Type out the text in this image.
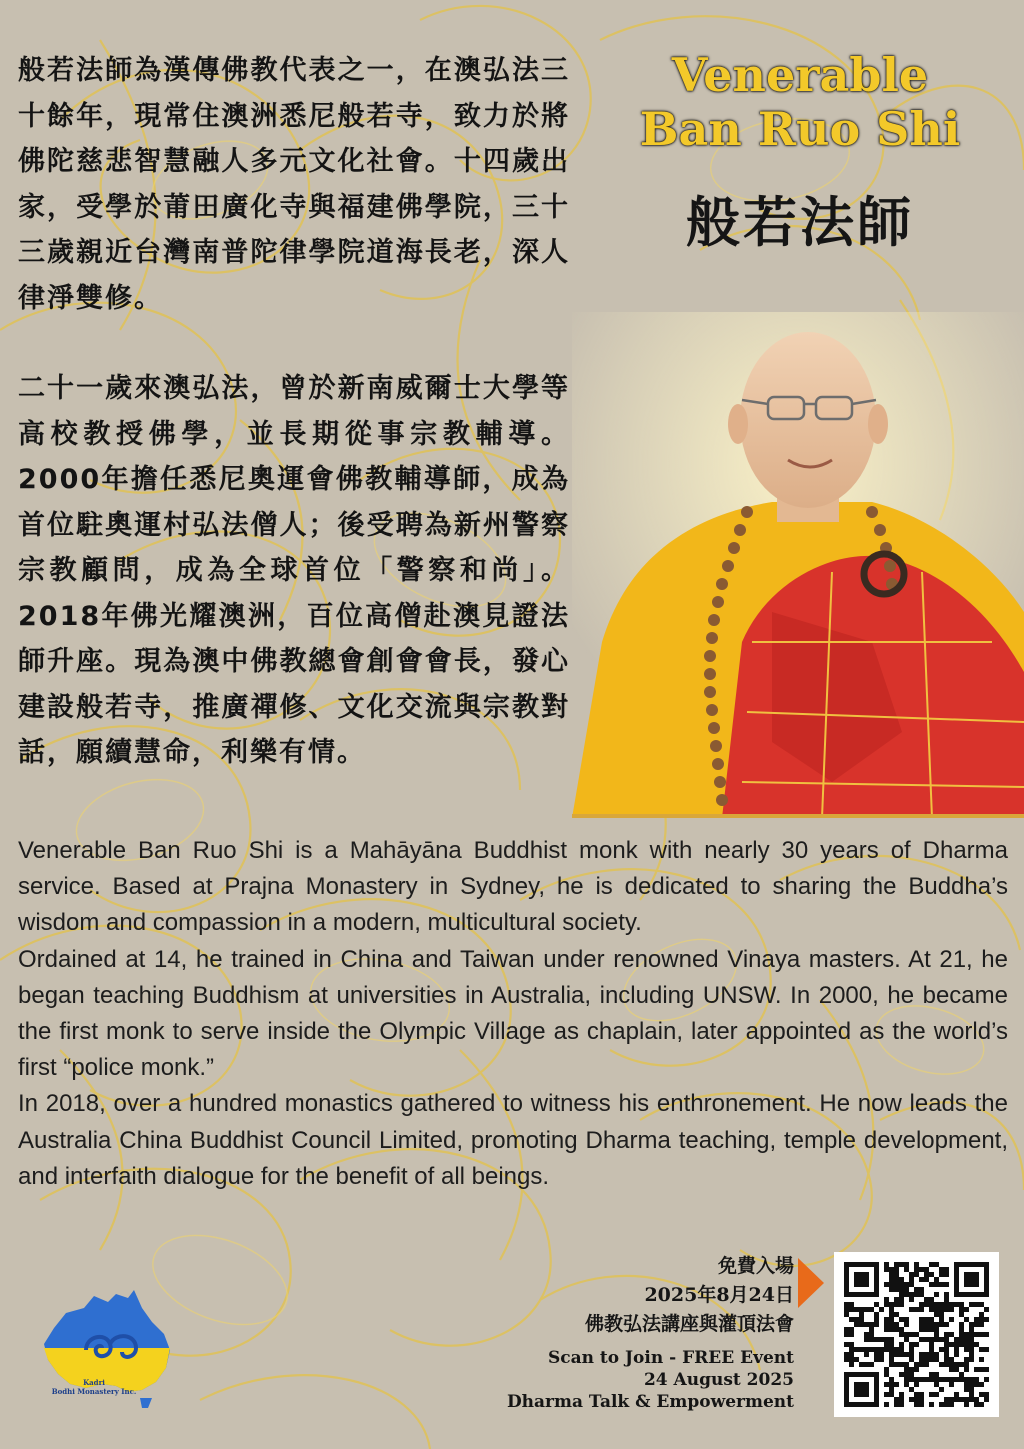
般若法師為漢傳佛教代表之一，在澳弘法三十餘年，現常住澳洲悉尼般若寺，致力於將佛陀慈悲智慧融人多元文化社會。十四歲出家，受學於莆田廣化寺與福建佛學院，三十三歲親近台灣南普陀律學院道海長老，深人律淨雙修。

二十一歲來澳弘法，曾於新南威爾士大學等高校教授佛學，並長期從事宗教輔導。2000年擔任悉尼奧運會佛教輔導師，成為首位駐奧運村弘法僧人；後受聘為新州警察宗教顧問，成為全球首位「警察和尚」。2018年佛光耀澳洲，百位高僧赴澳見證法師升座。現為澳中佛教總會創會會長，發心建設般若寺，推廣禪修、文化交流與宗教對話，願續慧命，利樂有情。

Venerable
Ban Ruo Shi
般若法師
Venerable Ban Ruo Shi is a Mahāyāna Buddhist monk with nearly 30 years of Dharma service. Based at Prajna Monastery in Sydney, he is dedicated to sharing the Buddha’s wisdom and compassion in a modern, multicultural society.
Ordained at 14, he trained in China and Taiwan under renowned Vinaya masters. At 21, he began teaching Buddhism at universities in Australia, including UNSW. In 2000, he became the first monk to serve inside the Olympic Village as chaplain, later appointed as the world’s first “police monk.”
In 2018, over a hundred monastics gathered to witness his enthronement. He now leads the Australia China Buddhist Council Limited, promoting Dharma teaching, temple development, and interfaith dialogue for the benefit of all beings.
免費入場
2025年8月24日
佛教弘法講座與灌頂法會
Scan to Join - FREE Event
24 August 2025
Dharma Talk & Empowerment
Kadri
Bodhi Monastery Inc.
